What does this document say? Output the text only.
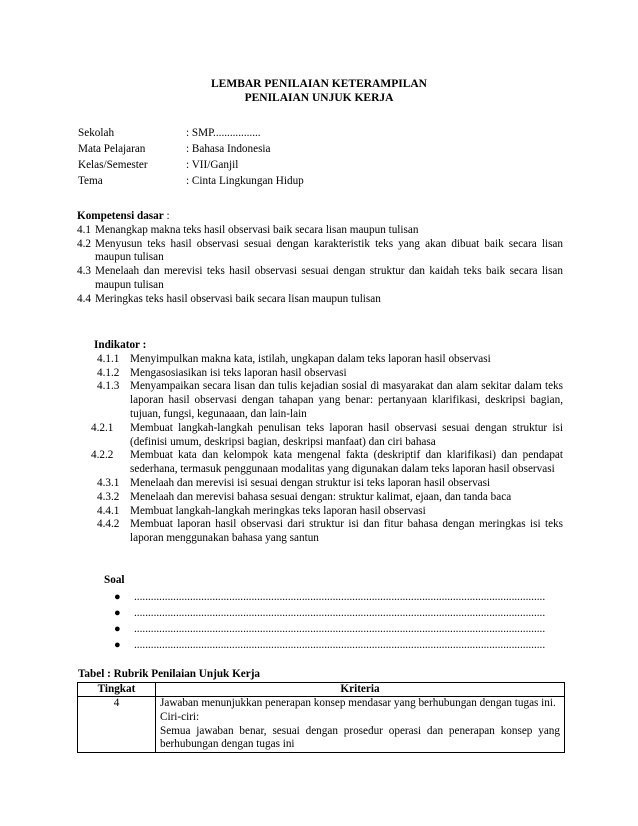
LEMBAR PENILAIAN KETERAMPILAN
PENILAIAN UNJUK KERJA
Sekolah	: SMP.................
Mata Pelajaran	: Bahasa Indonesia
Kelas/Semester	: VII/Ganjil
Tema	: Cinta Lingkungan Hidup
Kompetensi dasar :
4.1 Menangkap makna teks hasil observasi baik secara lisan maupun tulisan
4.2 Menyusun teks hasil observasi sesuai dengan karakteristik teks yang akan dibuat baik secara lisan maupun tulisan
4.3 Menelaah dan merevisi teks hasil observasi sesuai dengan struktur dan kaidah teks baik secara lisan maupun tulisan
4.4 Meringkas teks hasil observasi baik secara lisan maupun tulisan
Indikator :
4.1.1 Menyimpulkan makna kata, istilah, ungkapan dalam teks laporan hasil observasi
4.1.2 Mengasosiasikan isi teks laporan hasil observasi
4.1.3 Menyampaikan secara lisan dan tulis kejadian sosial di masyarakat dan alam sekitar dalam teks laporan hasil observasi dengan tahapan yang benar: pertanyaan klarifikasi, deskripsi bagian, tujuan, fungsi, kegunaaan, dan lain-lain
4.2.1 Membuat langkah-langkah penulisan teks laporan hasil observasi sesuai dengan struktur isi (definisi umum, deskripsi bagian, deskripsi manfaat) dan ciri bahasa
4.2.2 Membuat kata dan kelompok kata mengenal fakta (deskriptif dan klarifikasi) dan pendapat sederhana, termasuk penggunaan modalitas yang digunakan dalam teks laporan hasil observasi
4.3.1 Menelaah dan merevisi isi sesuai dengan struktur isi teks laporan hasil observasi
4.3.2 Menelaah dan merevisi bahasa sesuai dengan: struktur kalimat, ejaan, dan tanda baca
4.4.1 Membuat langkah-langkah meringkas teks laporan hasil observasi
4.4.2 Membuat laporan hasil observasi dari struktur isi dan fitur bahasa dengan meringkas isi teks laporan menggunakan bahasa yang santun
Soal
● ...................................................................................................................................................
● ...................................................................................................................................................
● ...................................................................................................................................................
● ...................................................................................................................................................
Tabel : Rubrik Penilaian Unjuk Kerja
Tingkat	Kriteria
4	Jawaban menunjukkan penerapan konsep mendasar yang berhubungan dengan tugas ini.
Ciri-ciri:
Semua jawaban benar, sesuai dengan prosedur operasi dan penerapan konsep yang berhubungan dengan tugas ini
